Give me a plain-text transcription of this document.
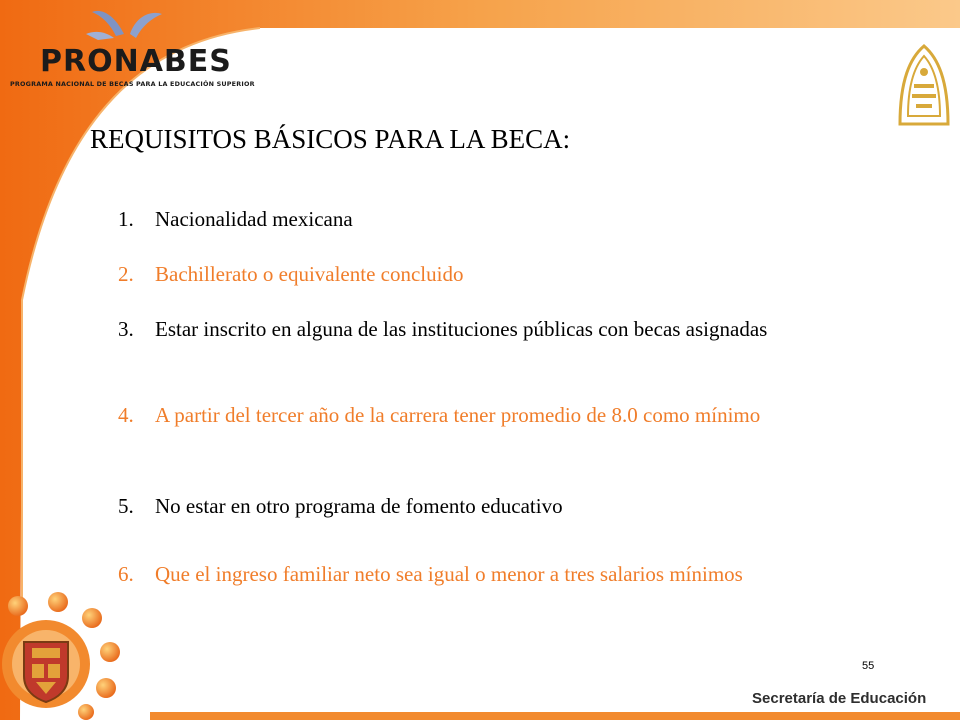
PRONABES
PROGRAMA NACIONAL DE BECAS PARA LA EDUCACIÓN SUPERIOR
REQUISITOS BÁSICOS PARA LA BECA:
1. Nacionalidad mexicana
2. Bachillerato o equivalente concluido
3. Estar inscrito en alguna de las instituciones públicas con becas asignadas
4. A partir del tercer año de la carrera tener promedio de 8.0 como mínimo
5. No estar en otro programa de fomento educativo
6. Que el ingreso familiar neto sea igual o menor a tres salarios mínimos
55
Secretaría de Educación
